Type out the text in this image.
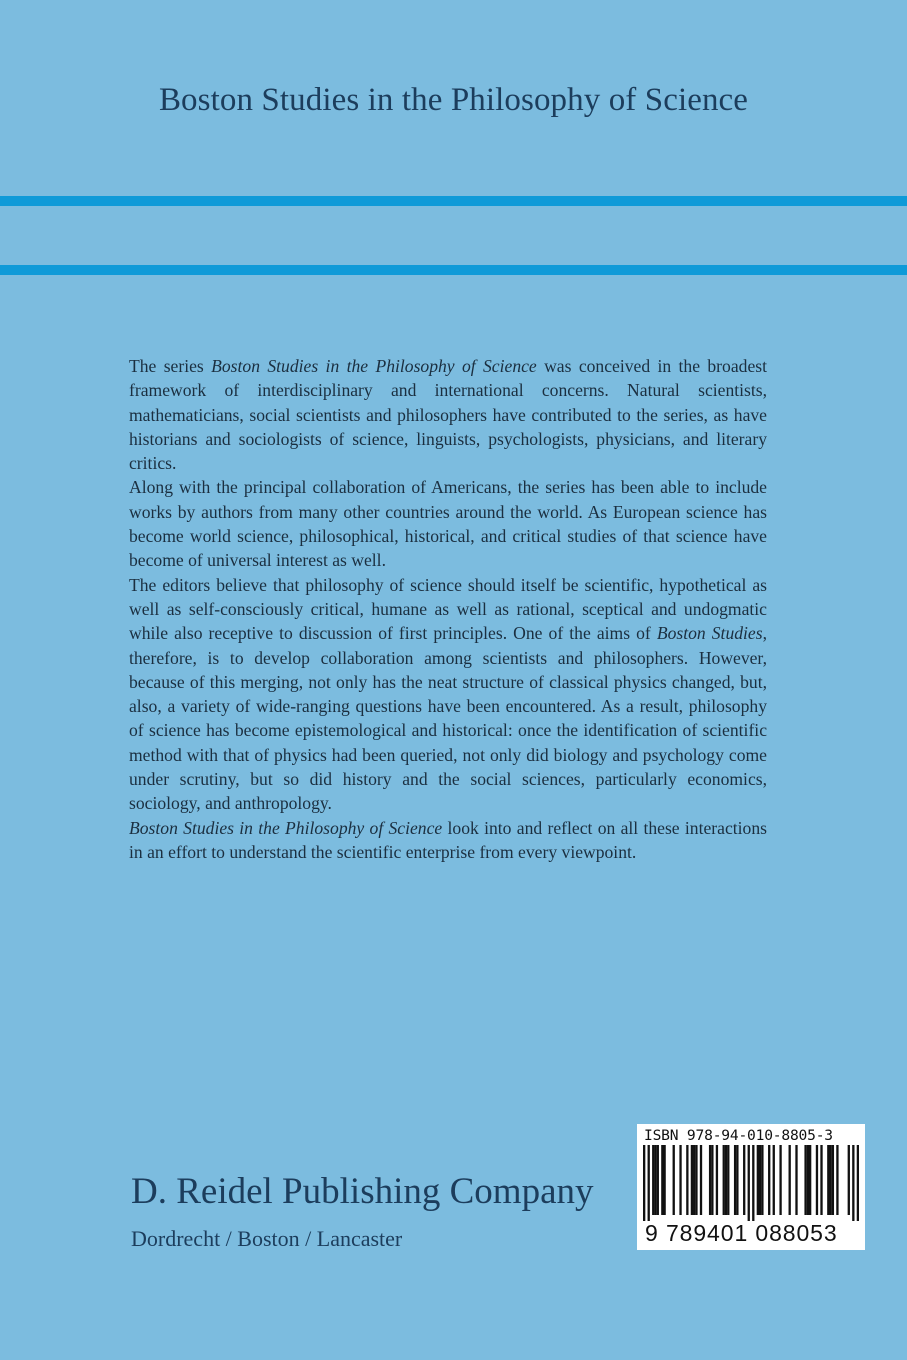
Boston Studies in the Philosophy of Science

The series Boston Studies in the Philosophy of Science was conceived in the broadest framework of interdisciplinary and international concerns. Natural scientists, mathematicians, social scientists and philosophers have contributed to the series, as have historians and sociologists of science, linguists, psychologists, physicians, and literary critics.

Along with the principal collaboration of Americans, the series has been able to include works by authors from many other countries around the world. As European science has become world science, philosophical, historical, and critical studies of that science have become of universal interest as well.

The editors believe that philosophy of science should itself be scientific, hypothetical as well as self-consciously critical, humane as well as rational, sceptical and undogmatic while also receptive to discussion of first principles. One of the aims of Boston Studies, therefore, is to develop collaboration among scientists and philosophers. However, because of this merging, not only has the neat structure of classical physics changed, but, also, a variety of wide-ranging questions have been encountered. As a result, philosophy of science has become epistemological and historical: once the identification of scientific method with that of physics had been queried, not only did biology and psychology come under scrutiny, but so did history and the social sciences, particularly economics, sociology, and anthropology.

Boston Studies in the Philosophy of Science look into and reflect on all these interactions in an effort to understand the scientific enterprise from every viewpoint.

D. Reidel Publishing Company
Dordrecht / Boston / Lancaster
ISBN 978-94-010-8805-3
9 789401 088053
